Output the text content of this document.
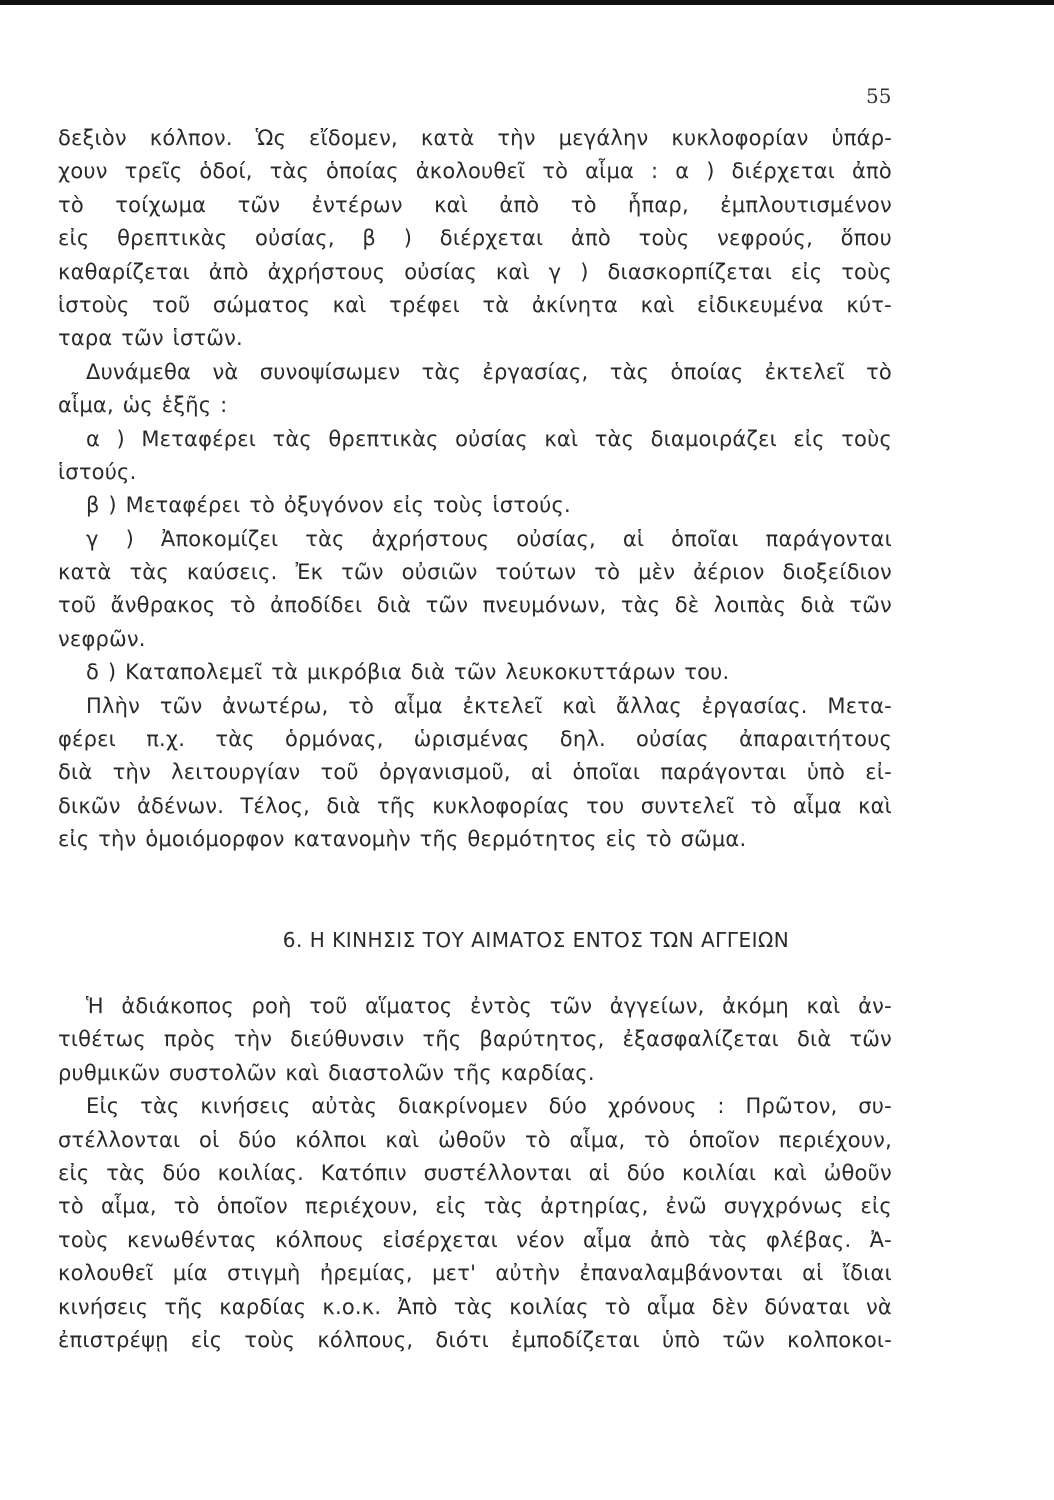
55
δεξιὸν κόλπον. Ὡς εἴδομεν, κατὰ τὴν μεγάλην κυκλοφορίαν ὑπάρ-
χουν τρεῖς ὁδοί, τὰς ὁποίας ἀκολουθεῖ τὸ αἷμα : α ) διέρχεται ἀπὸ
τὸ τοίχωμα τῶν ἐντέρων καὶ ἀπὸ τὸ ἧπαρ, ἐμπλουτισμένον
εἰς θρεπτικὰς οὐσίας, β ) διέρχεται ἀπὸ τοὺς νεφρούς, ὅπου
καθαρίζεται ἀπὸ ἀχρήστους οὐσίας καὶ γ ) διασκορπίζεται εἰς τοὺς
ἱστοὺς τοῦ σώματος καὶ τρέφει τὰ ἀκίνητα καὶ εἰδικευμένα κύτ-
ταρα τῶν ἱστῶν.
Δυνάμεθα νὰ συνοψίσωμεν τὰς ἐργασίας, τὰς ὁποίας ἐκτελεῖ τὸ
αἷμα, ὡς ἑξῆς :
α ) Μεταφέρει τὰς θρεπτικὰς οὐσίας καὶ τὰς διαμοιράζει εἰς τοὺς
ἱστούς.
β ) Μεταφέρει τὸ ὀξυγόνον εἰς τοὺς ἱστούς.
γ ) Ἀποκομίζει τὰς ἀχρήστους οὐσίας, αἱ ὁποῖαι παράγονται
κατὰ τὰς καύσεις. Ἐκ τῶν οὐσιῶν τούτων τὸ μὲν ἀέριον διοξείδιον
τοῦ ἄνθρακος τὸ ἀποδίδει διὰ τῶν πνευμόνων, τὰς δὲ λοιπὰς διὰ τῶν
νεφρῶν.
δ ) Καταπολεμεῖ τὰ μικρόβια διὰ τῶν λευκοκυττάρων του.
Πλὴν τῶν ἀνωτέρω, τὸ αἷμα ἐκτελεῖ καὶ ἄλλας ἐργασίας. Μετα-
φέρει π.χ. τὰς ὁρμόνας, ὡρισμένας δηλ. οὐσίας ἀπαραιτήτους
διὰ τὴν λειτουργίαν τοῦ ὀργανισμοῦ, αἱ ὁποῖαι παράγονται ὑπὸ εἰ-
δικῶν ἀδένων. Τέλος, διὰ τῆς κυκλοφορίας του συντελεῖ τὸ αἷμα καὶ
εἰς τὴν ὁμοιόμορφον κατανομὴν τῆς θερμότητος εἰς τὸ σῶμα.
6. Η ΚΙΝΗΣΙΣ ΤΟΥ ΑΙΜΑΤΟΣ ΕΝΤΟΣ ΤΩΝ ΑΓΓΕΙΩΝ
Ἡ ἀδιάκοπος ροὴ τοῦ αἵματος ἐντὸς τῶν ἀγγείων, ἀκόμη καὶ ἀν-
τιθέτως πρὸς τὴν διεύθυνσιν τῆς βαρύτητος, ἐξασφαλίζεται διὰ τῶν
ρυθμικῶν συστολῶν καὶ διαστολῶν τῆς καρδίας.
Εἰς τὰς κινήσεις αὐτὰς διακρίνομεν δύο χρόνους : Πρῶτον, συ-
στέλλονται οἱ δύο κόλποι καὶ ὠθοῦν τὸ αἷμα, τὸ ὁποῖον περιέχουν,
εἰς τὰς δύο κοιλίας. Κατόπιν συστέλλονται αἱ δύο κοιλίαι καὶ ὠθοῦν
τὸ αἷμα, τὸ ὁποῖον περιέχουν, εἰς τὰς ἀρτηρίας, ἐνῶ συγχρόνως εἰς
τοὺς κενωθέντας κόλπους εἰσέρχεται νέον αἷμα ἀπὸ τὰς φλέβας. Ἀ-
κολουθεῖ μία στιγμὴ ἠρεμίας, μετ' αὐτὴν ἐπαναλαμβάνονται αἱ ἴδιαι
κινήσεις τῆς καρδίας κ.ο.κ. Ἀπὸ τὰς κοιλίας τὸ αἷμα δὲν δύναται νὰ
ἐπιστρέψῃ εἰς τοὺς κόλπους, διότι ἐμποδίζεται ὑπὸ τῶν κολποκοι-
